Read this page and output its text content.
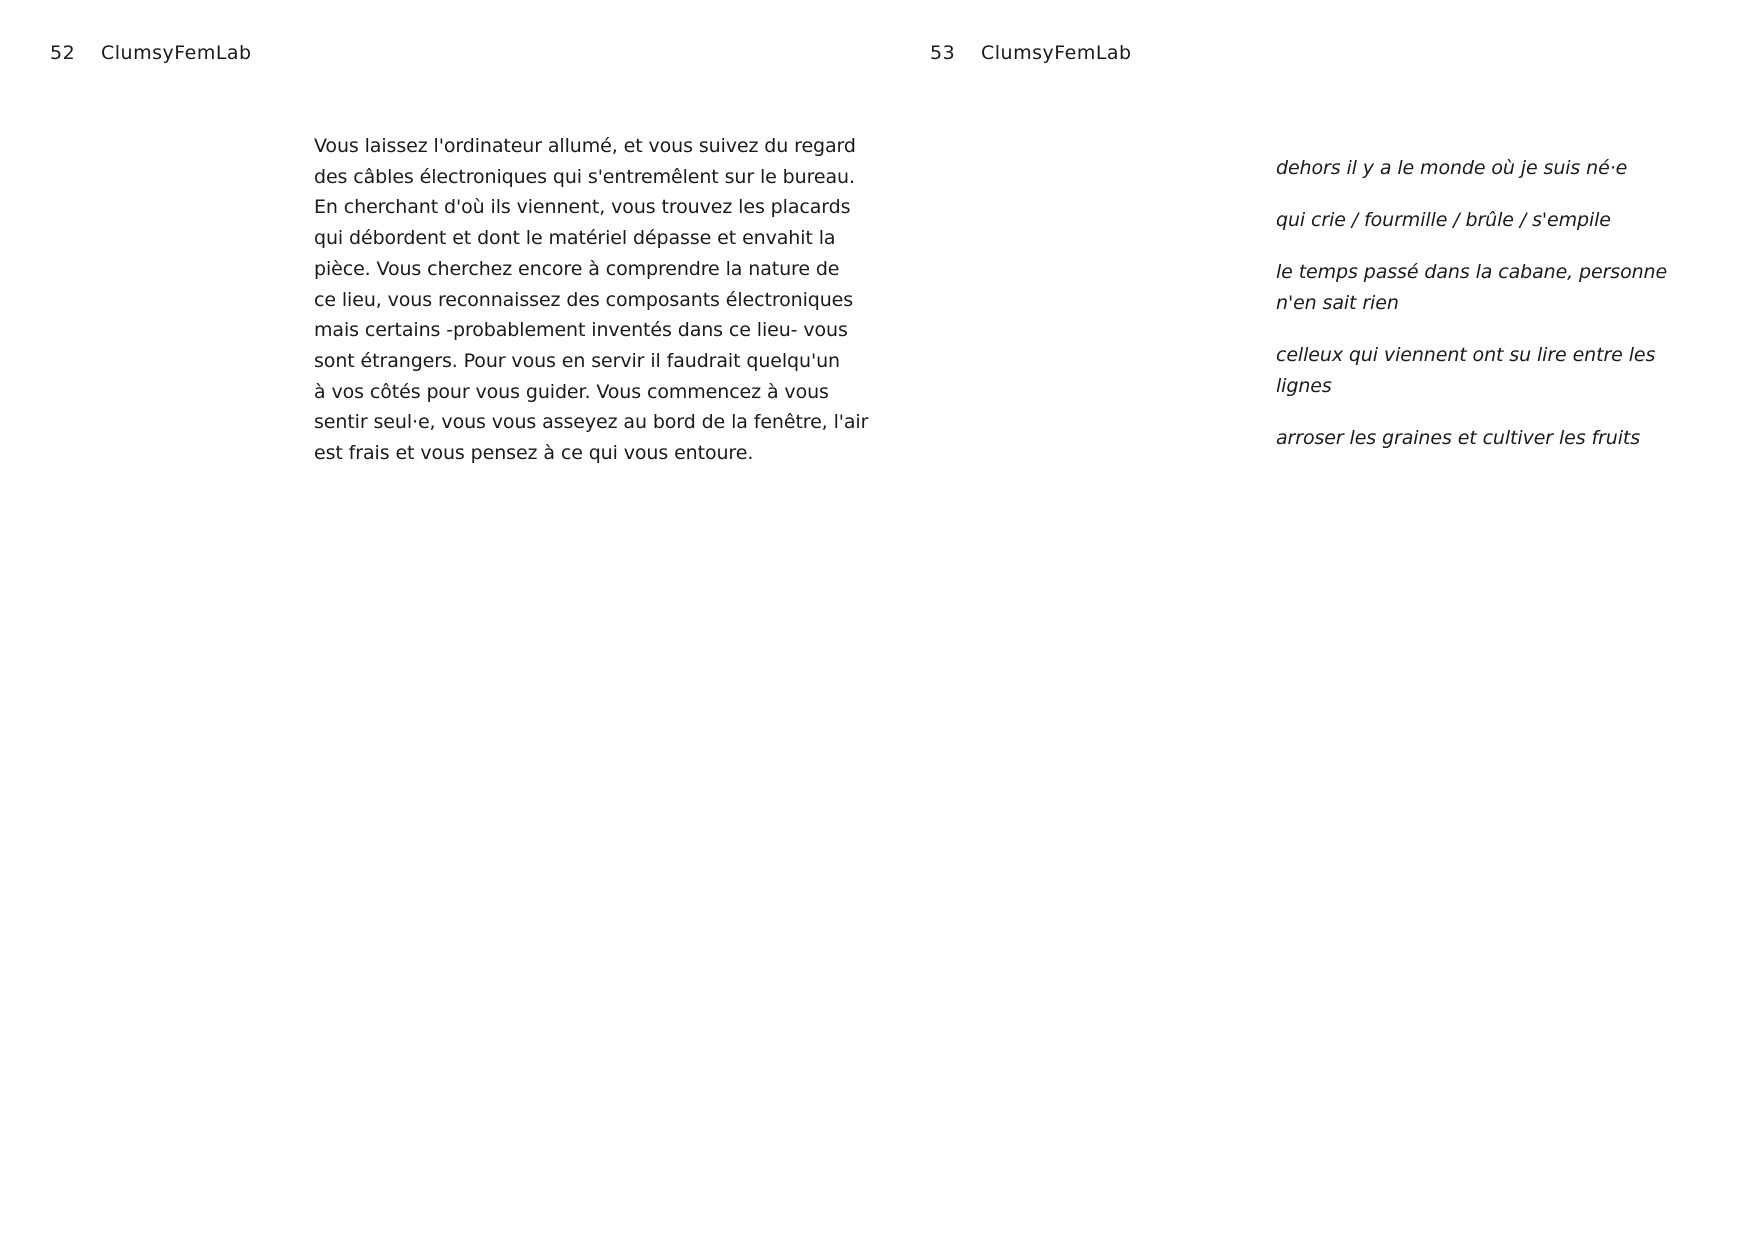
52 ClumsyFemLab

Vous laissez l'ordinateur allumé, et vous suivez du regard
des câbles électroniques qui s'entremêlent sur le bureau.
En cherchant d'où ils viennent, vous trouvez les placards
qui débordent et dont le matériel dépasse et envahit la
pièce. Vous cherchez encore à comprendre la nature de
ce lieu, vous reconnaissez des composants électroniques
mais certains -probablement inventés dans ce lieu- vous
sont étrangers. Pour vous en servir il faudrait quelqu'un
à vos côtés pour vous guider. Vous commencez à vous
sentir seul·e, vous vous asseyez au bord de la fenêtre, l'air
est frais et vous pensez à ce qui vous entoure.

53 ClumsyFemLab
dehors il y a le monde où je suis né·e
qui crie / fourmille / brûle / s'empile
le temps passé dans la cabane, personne
n'en sait rien
celleux qui viennent ont su lire entre les
lignes
arroser les graines et cultiver les fruits
